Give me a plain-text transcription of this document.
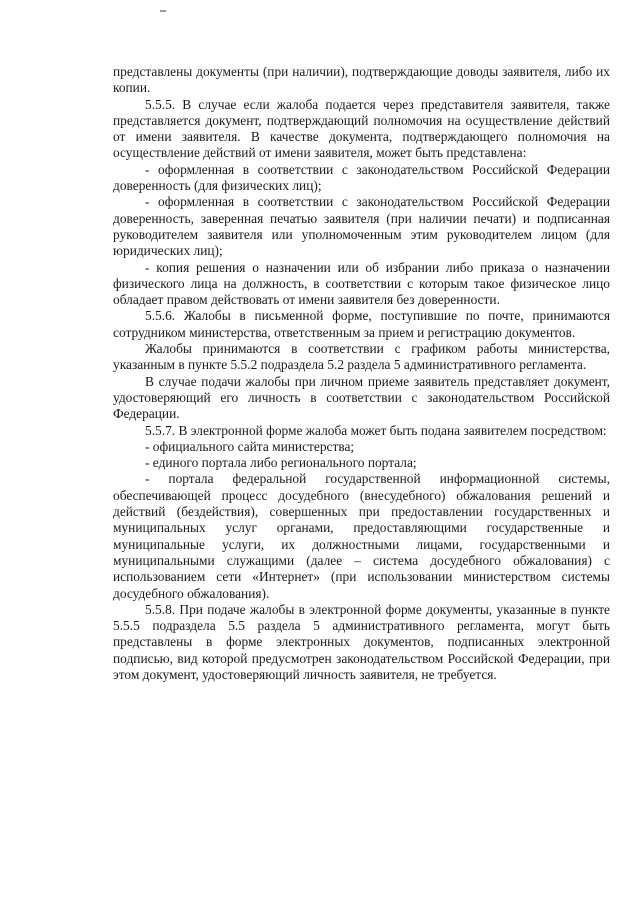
представлены документы (при наличии), подтверждающие доводы заявителя, либо их копии.

5.5.5. В случае если жалоба подается через представителя заявителя, также представляется документ, подтверждающий полномочия на осуществление действий от имени заявителя. В качестве документа, подтверждающего полномочия на осуществление действий от имени заявителя, может быть представлена:

- оформленная в соответствии с законодательством Российской Федерации доверенность (для физических лиц);

- оформленная в соответствии с законодательством Российской Федерации доверенность, заверенная печатью заявителя (при наличии печати) и подписанная руководителем заявителя или уполномоченным этим руководителем лицом (для юридических лиц);

- копия решения о назначении или об избрании либо приказа о назначении физического лица на должность, в соответствии с которым такое физическое лицо обладает правом действовать от имени заявителя без доверенности.

5.5.6. Жалобы в письменной форме, поступившие по почте, принимаются сотрудником министерства, ответственным за прием и регистрацию документов.

Жалобы принимаются в соответствии с графиком работы министерства, указанным в пункте 5.5.2 подраздела 5.2 раздела 5 административного регламента.

В случае подачи жалобы при личном приеме заявитель представляет документ, удостоверяющий его личность в соответствии с законодательством Российской Федерации.

5.5.7. В электронной форме жалоба может быть подана заявителем посредством:

- официального сайта министерства;

- единого портала либо регионального портала;

- портала федеральной государственной информационной системы, обеспечивающей процесс досудебного (внесудебного) обжалования решений и действий (бездействия), совершенных при предоставлении государственных и муниципальных услуг органами, предоставляющими государственные и муниципальные услуги, их должностными лицами, государственными и муниципальными служащими (далее – система досудебного обжалования) с использованием сети «Интернет» (при использовании министерством системы досудебного обжалования).

5.5.8. При подаче жалобы в электронной форме документы, указанные в пункте 5.5.5 подраздела 5.5 раздела 5 административного регламента, могут быть представлены в форме электронных документов, подписанных электронной подписью, вид которой предусмотрен законодательством Российской Федерации, при этом документ, удостоверяющий личность заявителя, не требуется.
